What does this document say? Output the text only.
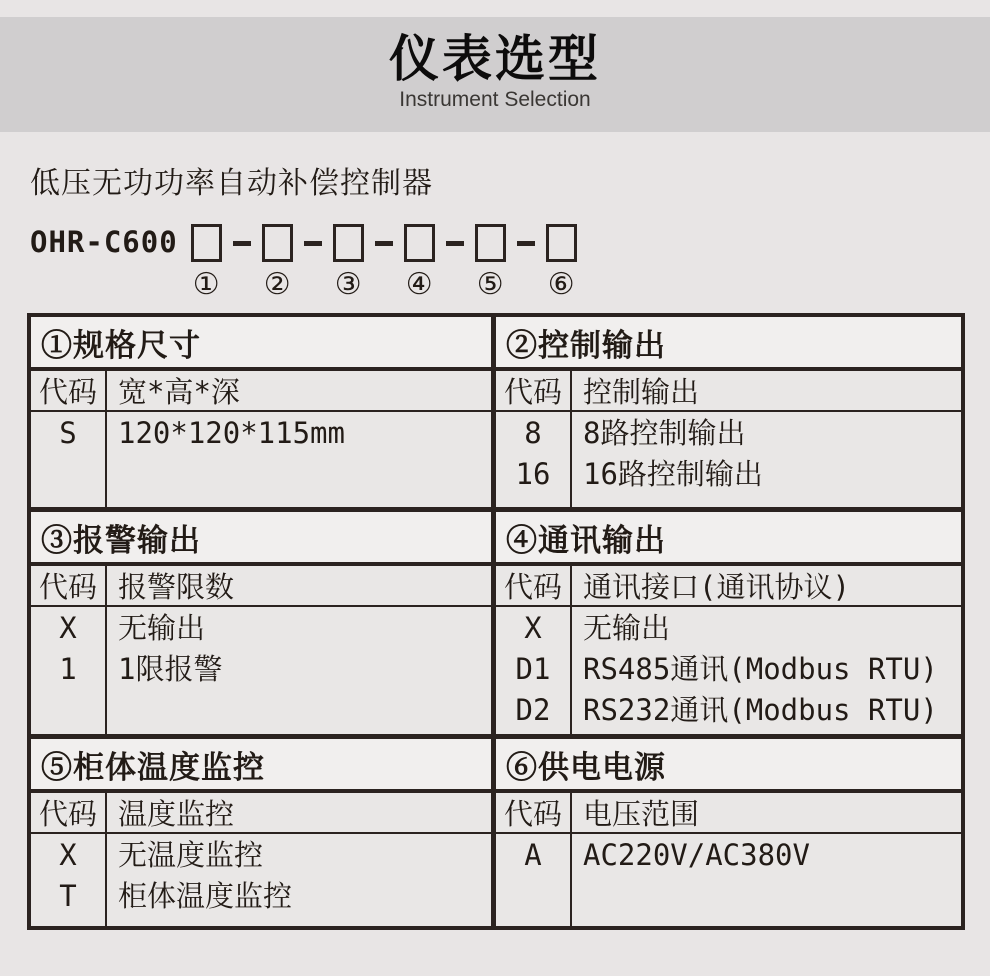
仪表选型
Instrument Selection
低压无功功率自动补偿控制器
OHR-C600
① ② ③ ④ ⑤ ⑥
①规格尺寸
代码 宽*高*深
S	120*120*115mm
②控制输出
代码 控制输出
8
16
8路控制输出
16路控制输出
③报警输出
代码 报警限数
X
1
无输出
1限报警
④通讯输出
代码 通讯接口(通讯协议)
X
D1
D2
无输出
RS485通讯(Modbus RTU)
RS232通讯(Modbus RTU)
⑤柜体温度监控
代码 温度监控
X
T
无温度监控
柜体温度监控
⑥供电电源
代码 电压范围
A	AC220V/AC380V
